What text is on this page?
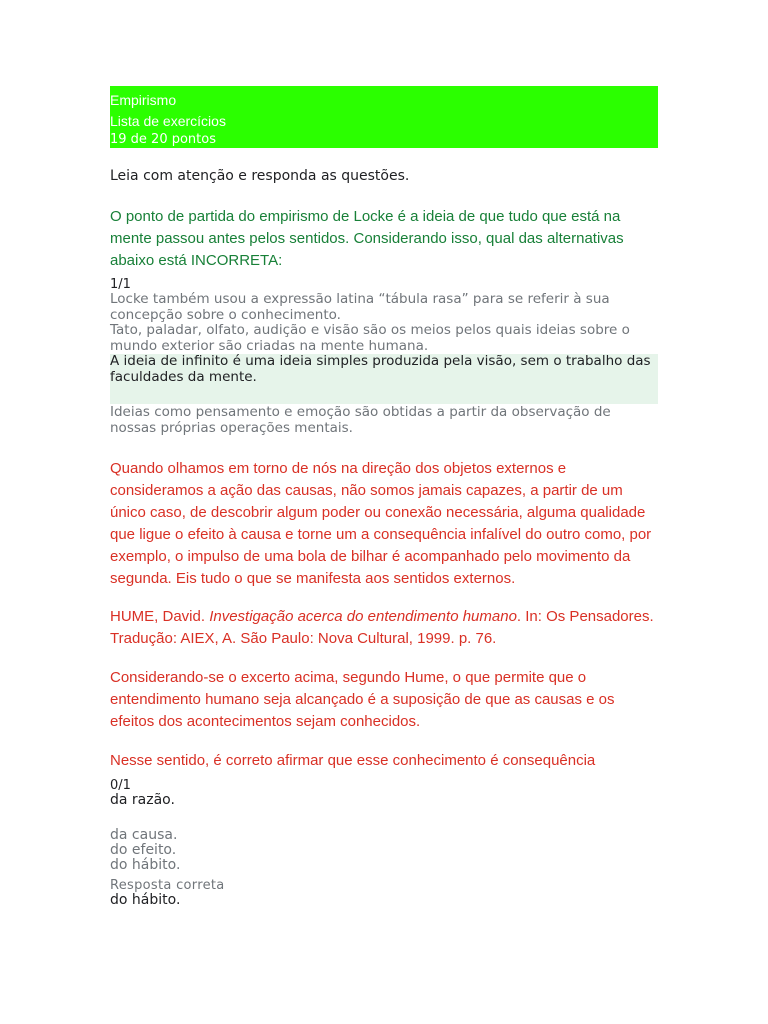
Empirismo
Lista de exercícios
19 de 20 pontos
Leia com atenção e responda as questões.
O ponto de partida do empirismo de Locke é a ideia de que tudo que está na mente passou antes pelos sentidos. Considerando isso, qual das alternativas abaixo está INCORRETA:
1/1
Locke também usou a expressão latina “tábula rasa” para se referir à sua concepção sobre o conhecimento.
Tato, paladar, olfato, audição e visão são os meios pelos quais ideias sobre o mundo exterior são criadas na mente humana.
A ideia de infinito é uma ideia simples produzida pela visão, sem o trabalho das faculdades da mente.
Ideias como pensamento e emoção são obtidas a partir da observação de nossas próprias operações mentais.
Quando olhamos em torno de nós na direção dos objetos externos e consideramos a ação das causas, não somos jamais capazes, a partir de um único caso, de descobrir algum poder ou conexão necessária, alguma qualidade que ligue o efeito à causa e torne um a consequência infalível do outro como, por exemplo, o impulso de uma bola de bilhar é acompanhado pelo movimento da segunda. Eis tudo o que se manifesta aos sentidos externos.

HUME, David. Investigação acerca do entendimento humano. In: Os Pensadores. Tradução: AIEX, A. São Paulo: Nova Cultural, 1999. p. 76.

Considerando-se o excerto acima, segundo Hume, o que permite que o entendimento humano seja alcançado é a suposição de que as causas e os efeitos dos acontecimentos sejam conhecidos.
Nesse sentido, é correto afirmar que esse conhecimento é consequência
0/1
da razão.
da causa.
do efeito.
do hábito.
Resposta correta
do hábito.
